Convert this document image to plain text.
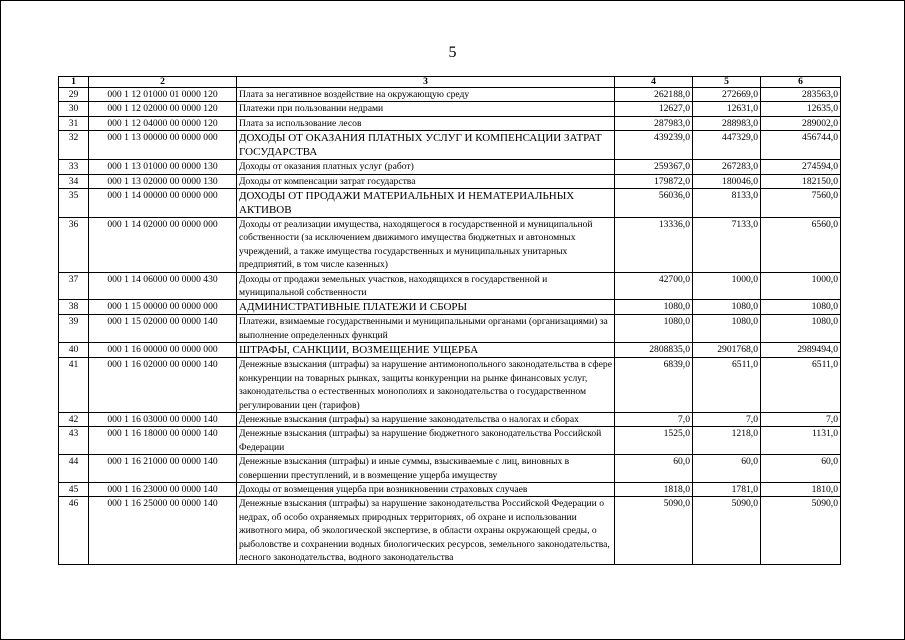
5
1	2	3	4	5	6
29	000 1 12 01000 01 0000 120	Плата за негативное воздействие на окружающую среду	262188,0	272669,0	283563,0
30	000 1 12 02000 00 0000 120	Платежи при пользовании недрами	12627,0	12631,0	12635,0
31	000 1 12 04000 00 0000 120	Плата за использование лесов	287983,0	288983,0	289002,0
32	000 1 13 00000 00 0000 000	ДОХОДЫ ОТ ОКАЗАНИЯ ПЛАТНЫХ УСЛУГ И КОМПЕНСАЦИИ ЗАТРАТ ГОСУДАРСТВА	439239,0	447329,0	456744,0
33	000 1 13 01000 00 0000 130	Доходы от оказания платных услуг (работ)	259367,0	267283,0	274594,0
34	000 1 13 02000 00 0000 130	Доходы от компенсации затрат государства	179872,0	180046,0	182150,0
35	000 1 14 00000 00 0000 000	ДОХОДЫ ОТ ПРОДАЖИ МАТЕРИАЛЬНЫХ И НЕМАТЕРИАЛЬНЫХ АКТИВОВ	56036,0	8133,0	7560,0
36	000 1 14 02000 00 0000 000	Доходы от реализации имущества, находящегося в государственной и муниципальной собственности (за исключением движимого имущества бюджетных и автономных учреждений, а также имущества государственных и муниципальных унитарных предприятий, в том числе казенных)	13336,0	7133,0	6560,0
37	000 1 14 06000 00 0000 430	Доходы от продажи земельных участков, находящихся в государственной и муниципальной собственности	42700,0	1000,0	1000,0
38	000 1 15 00000 00 0000 000	АДМИНИСТРАТИВНЫЕ ПЛАТЕЖИ И СБОРЫ	1080,0	1080,0	1080,0
39	000 1 15 02000 00 0000 140	Платежи, взимаемые государственными и муниципальными органами (организациями) за выполнение определенных функций	1080,0	1080,0	1080,0
40	000 1 16 00000 00 0000 000	ШТРАФЫ, САНКЦИИ, ВОЗМЕЩЕНИЕ УЩЕРБА	2808835,0	2901768,0	2989494,0
41	000 1 16 02000 00 0000 140	Денежные взыскания (штрафы) за нарушение антимонопольного законодательства в сфере конкуренции на товарных рынках, защиты конкуренции на рынке финансовых услуг, законодательства о естественных монополиях и законодательства о государственном регулировании цен (тарифов)	6839,0	6511,0	6511,0
42	000 1 16 03000 00 0000 140	Денежные взыскания (штрафы) за нарушение законодательства о налогах и сборах	7,0	7,0	7,0
43	000 1 16 18000 00 0000 140	Денежные взыскания (штрафы) за нарушение бюджетного законодательства Российской Федерации	1525,0	1218,0	1131,0
44	000 1 16 21000 00 0000 140	Денежные взыскания (штрафы) и иные суммы, взыскиваемые с лиц, виновных в совершении преступлений, и в возмещение ущерба имуществу	60,0	60,0	60,0
45	000 1 16 23000 00 0000 140	Доходы от возмещения ущерба при возникновении страховых случаев	1818,0	1781,0	1810,0
46	000 1 16 25000 00 0000 140	Денежные взыскания (штрафы) за нарушение законодательства Российской Федерации о недрах, об особо охраняемых природных территориях, об охране и использовании животного мира, об экологической экспертизе, в области охраны окружающей среды, о рыболовстве и сохранении водных биологических ресурсов, земельного законодательства, лесного законодательства, водного законодательства	5090,0	5090,0	5090,0
